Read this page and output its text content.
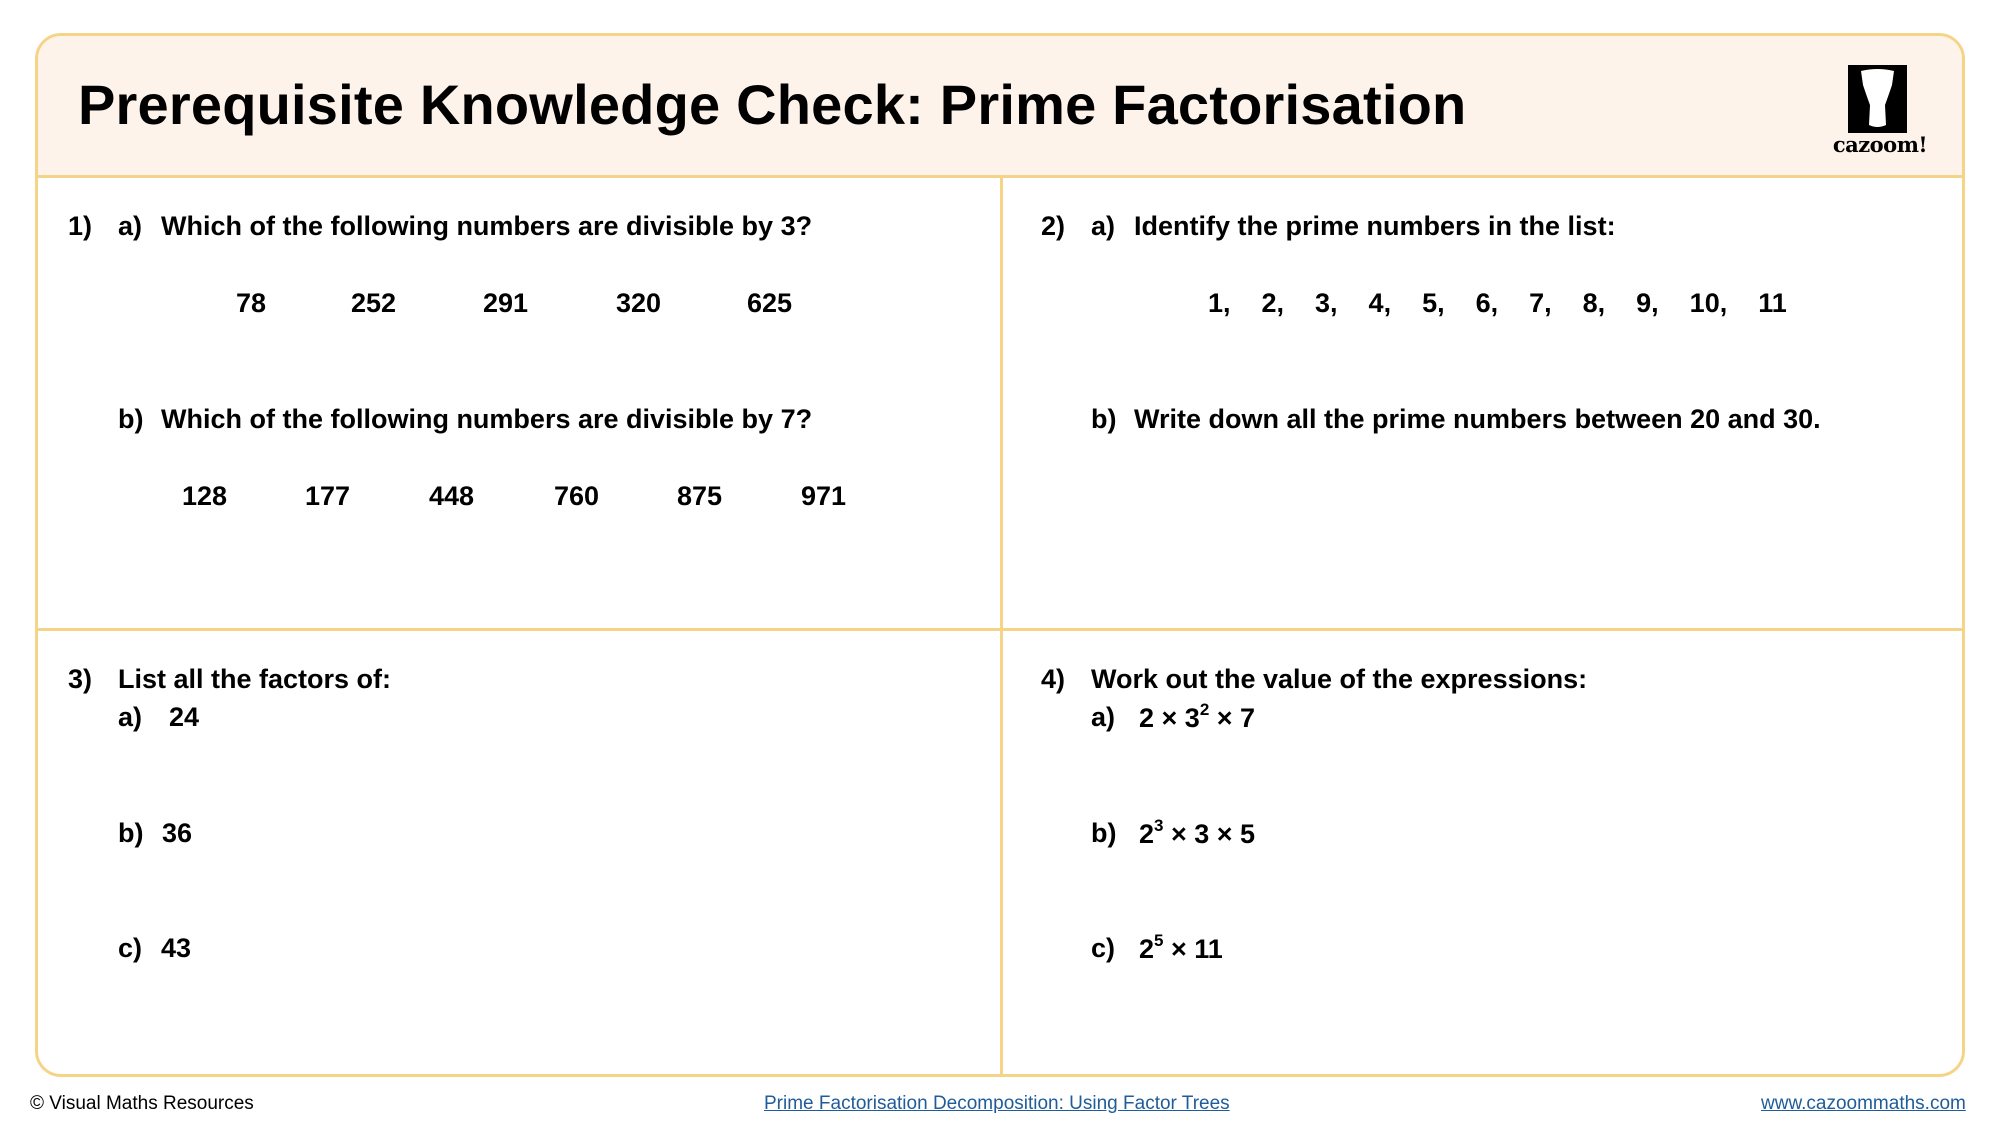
Prerequisite Knowledge Check: Prime Factorisation
cazoom!
1) a) Which of the following numbers are divisible by 3?
78	252	291	320	625
b) Which of the following numbers are divisible by 7?
128	177	448	760	875	971
2) a) Identify the prime numbers in the list:
1,  2,  3,  4,  5,  6,  7,  8,  9,  10,  11
b) Write down all the prime numbers between 20 and 30.
3) List all the factors of:
a) 24
b) 36
c) 43
4) Work out the value of the expressions:
a) $2 \times 3^2 \times 7$
b) $2^3 \times 3 \times 5$
c) $2^5 \times 11$
© Visual Maths Resources	Prime Factorisation Decomposition: Using Factor Trees	www.cazoommaths.com
